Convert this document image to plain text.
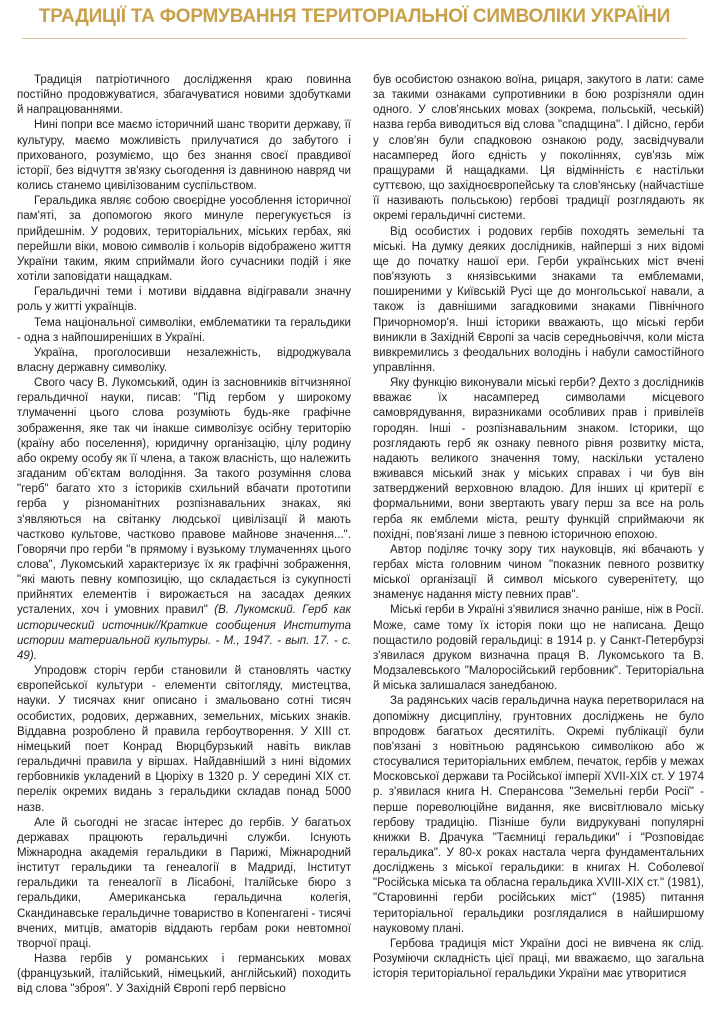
ТРАДИЦІЇ ТА ФОРМУВАННЯ ТЕРИТОРІАЛЬНОЇ СИМВОЛІКИ УКРАЇНИ

Традиція патріотичного дослідження краю повинна постійно продовжуватися, збагачуватися новими здобутками й напрацюваннями.

Нині попри все маємо історичний шанс творити державу, її культуру, маємо можливість прилучатися до забутого і прихованого, розуміємо, що без знання своєї правдивої історії, без відчуття зв'язку сьогодення із давниною навряд чи колись станемо цивілізованим суспільством.

Геральдика являє собою своєрідне уособлення історичної пам'яті, за допомогою якого минуле перегукується із прийдешнім. У родових, територіальних, міських гербах, які перейшли віки, мовою символів і кольорів відображено життя України таким, яким сприймали його сучасники подій і яке хотіли заповідати нащадкам.

Геральдичні теми і мотиви віддавна відігравали значну роль у житті українців.

Тема національної символіки, емблематики та геральдики - одна з найпоширеніших в Україні.

Україна, проголосивши незалежність, відроджувала власну державну символіку.

Свого часу В. Лукомський, один із засновників вітчизняної геральдичної науки, писав: "Під гербом у широкому тлумаченні цього слова розуміють будь-яке графічне зображення, яке так чи інакше символізує осібну територію (країну або поселення), юридичну організацію, цілу родину або окрему особу як її члена, а також власність, що належить згаданим об'єктам володіння. За такого розуміння слова "герб" багато хто з істориків схильний вбачати прототипи герба у різноманітних розпізнавальних знаках, які з'являються на світанку людської цивілізації й мають частково культове, частково правове майнове значення...". Говорячи про герби "в прямому і вузькому тлумаченнях цього слова", Лукомський характеризує їх як графічні зображення, "які мають певну композицію, що складається із сукупності прийнятих елементів і вирожається на засадах деяких усталених, хоч і умовних правил" (В. Лукомский. Герб как исторический источник//Краткие сообщения Института истории материальной культуры. - М., 1947. - вып. 17. - с. 49).

Упродовж сторіч герби становили й становлять частку європейської культури - елементи світогляду, мистецтва, науки. У тисячах книг описано і змальовано сотні тисяч особистих, родових, державних, земельних, міських знаків. Віддавна розроблено й правила гербоутворення. У XIII ст. німецький поет Конрад Вюрцбурзький навіть виклав геральдичні правила у віршах. Найдавніший з нині відомих гербовників укладений в Цюріху в 1320 р. У середині XIX ст. перелік окремих видань з геральдики складав понад 5000 назв.

Але й сьогодні не згасає інтерес до гербів. У багатьох державах працюють геральдичні служби. Існують Міжнародна академія геральдики в Парижі, Міжнародний інститут геральдики та генеалогії в Мадриді, Інститут геральдики та генеалогії в Лісабоні, Італійське бюро з геральдики, Американська геральдична колегія, Скандинавське геральдичне товариство в Копенгагені - тисячі вчених, митців, аматорів віддають гербам роки невтомної творчої праці.

Назва гербів у романських і германських мовах (французький, італійський, німецький, англійський) походить від слова "зброя". У Західній Європі герб первісно

був особистою ознакою воїна, рицаря, закутого в лати: саме за такими ознаками супротивники в бою розрізняли один одного. У слов'янських мовах (зокрема, польській, чеській) назва герба виводиться від слова "спадщина". І дійсно, герби у слов'ян були спадковою ознакою роду, засвідчували насамперед його єдність у поколіннях, сув'язь між пращурами й нащадками. Ця відмінність є настільки суттєвою, що західноєвропейську та слов'янську (найчастіше її називають польською) гербові традиції розглядають як окремі геральдичні системи.

Від особистих і родових гербів походять земельні та міські. На думку деяких дослідників, найперші з них відомі ще до початку нашої ери. Герби українських міст вчені пов'язують з князівськими знаками та емблемами, поширеними у Київській Русі ще до монгольської навали, а також із давнішими загадковими знаками Північного Причорномор'я. Інші історики вважають, що міські герби виникли в Західній Європі за часів середньовіччя, коли міста вивкремились з феодальних володінь і набули самостійного управління.

Яку функцію виконували міські герби? Дехто з дослідників вважає їх насамперед символами місцевого самоврядування, виразниками особливих прав і привілеїв городян. Інші - розпізнавальним знаком. Історики, що розглядають герб як ознаку певного рівня розвитку міста, надають великого значення тому, наскільки усталено вживався міський знак у міських справах і чи був він затверджений верховною владою. Для інших ці критерії є формальними, вони звертають увагу перш за все на роль герба як емблеми міста, решту функцій сприймаючи як похідні, пов'язані лише з певною історичною епохою.

Автор поділяє точку зору тих науковців, які вбачають у гербах міста головним чином "показник певного розвитку міської організації й символ міського суверенітету, що знаменує надання місту певних прав".

Міські герби в Україні з'явилися значно раніше, ніж в Росії. Може, саме тому їх історія поки що не написана. Дещо пощастило родовій геральдиці: в 1914 р. у Санкт-Петербурзі з'явилася друком визначна праця В. Лукомського та В. Модзалевського "Малоросійський гербовник". Територіальна й міська залишалася занедбаною.

За радянських часів геральдична наука перетворилася на допоміжну дисципліну, грунтовних досліджень не було впродовж багатьох десятиліть. Окремі публікації були пов'язані з новітньою радянською символікою або ж стосувалися територіальних емблем, печаток, гербів у межах Московської держави та Російської імперії XVII-XIX ст. У 1974 р. з'явилася книга Н. Сперансова "Земельні герби Росії" - перше пореволюційне видання, яке висвітлювало міську гербову традицію. Пізніше були видрукувані популярні книжки В. Драчука "Таємниці геральдики" і "Розповідає геральдика". У 80-х роках настала черга фундаментальних досліджень з міської геральдики: в книгах Н. Соболевої "Російська міська та обласна геральдика XVIII-XIX ст." (1981), "Старовинні герби російських міст" (1985) питання територіальної геральдики розглядалися в найширшому науковому плані.

Гербова традиція міст України досі не вивчена як слід. Розуміючи складність цієї праці, ми вважаємо, що загальна історія територіальної геральдики України має утворитися
